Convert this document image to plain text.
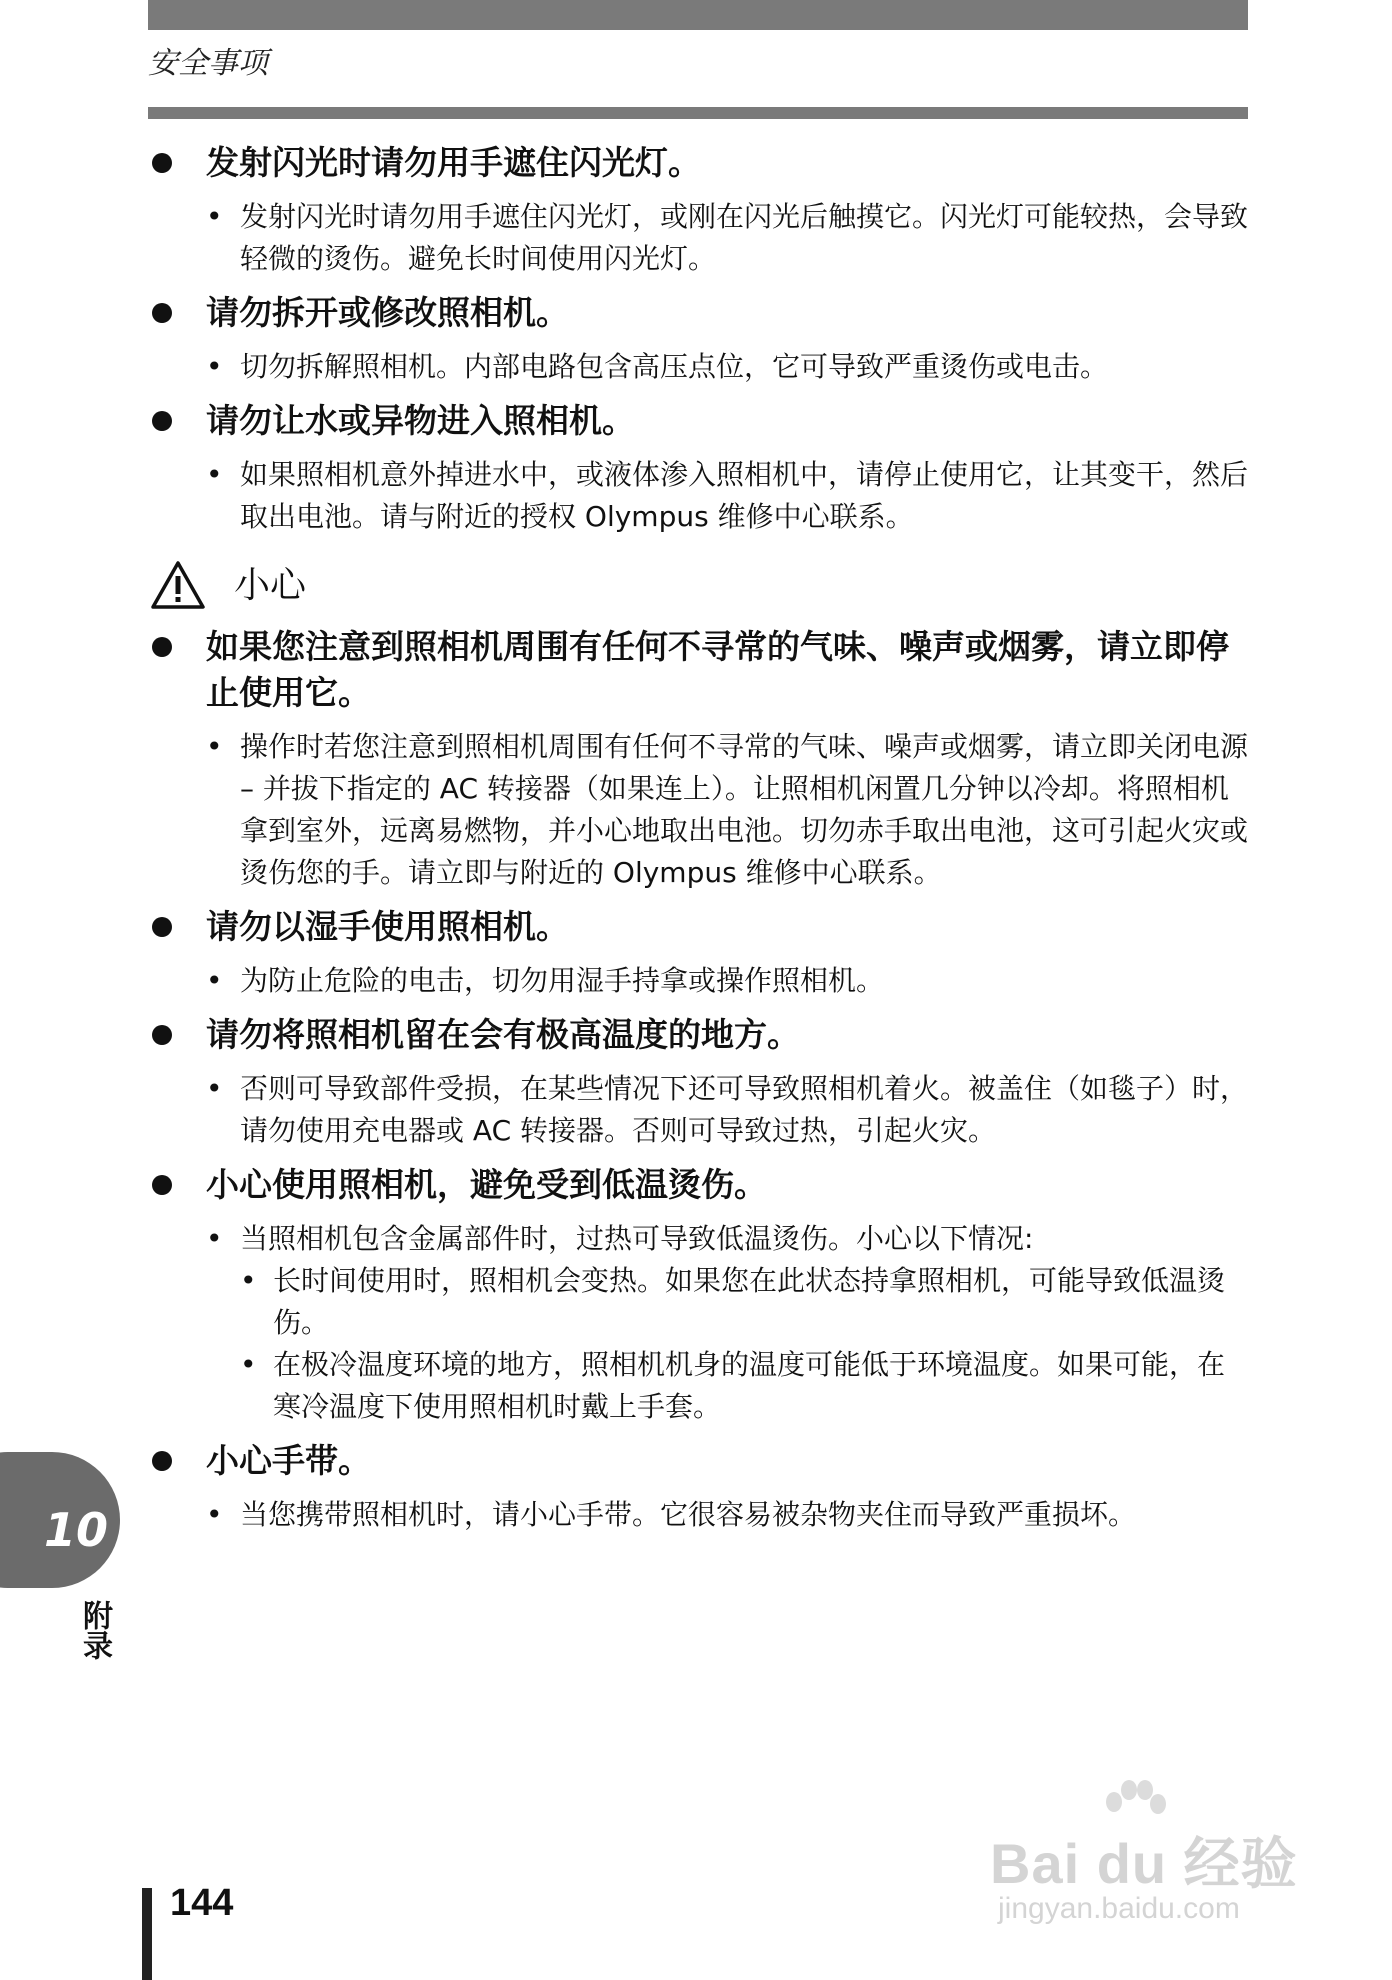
安全事项

发射闪光时请勿用手遮住闪光灯。

• 发射闪光时请勿用手遮住闪光灯，或刚在闪光后触摸它。闪光灯可能较热，会导致轻微的烫伤。避免长时间使用闪光灯。

请勿拆开或修改照相机。

• 切勿拆解照相机。内部电路包含高压点位，它可导致严重烫伤或电击。

请勿让水或异物进入照相机。

• 如果照相机意外掉进水中，或液体渗入照相机中，请停止使用它，让其变干，然后取出电池。请与附近的授权 Olympus 维修中心联系。

小心

如果您注意到照相机周围有任何不寻常的气味、噪声或烟雾，请立即停止使用它。

• 操作时若您注意到照相机周围有任何不寻常的气味、噪声或烟雾，请立即关闭电源 – 并拔下指定的 AC 转接器（如果连上）。让照相机闲置几分钟以冷却。将照相机拿到室外，远离易燃物，并小心地取出电池。切勿赤手取出电池，这可引起火灾或烫伤您的手。请立即与附近的 Olympus 维修中心联系。

请勿以湿手使用照相机。

• 为防止危险的电击，切勿用湿手持拿或操作照相机。

请勿将照相机留在会有极高温度的地方。

• 否则可导致部件受损，在某些情况下还可导致照相机着火。被盖住（如毯子）时，请勿使用充电器或 AC 转接器。否则可导致过热，引起火灾。

小心使用照相机，避免受到低温烫伤。

• 当照相机包含金属部件时，过热可导致低温烫伤。小心以下情况:

• 长时间使用时，照相机会变热。如果您在此状态持拿照相机，可能导致低温烫伤。

• 在极冷温度环境的地方，照相机机身的温度可能低于环境温度。如果可能，在寒冷温度下使用照相机时戴上手套。

小心手带。

• 当您携带照相机时，请小心手带。它很容易被杂物夹住而导致严重损坏。

10
附录
144
Bai du 经验
jingyan.baidu.com
